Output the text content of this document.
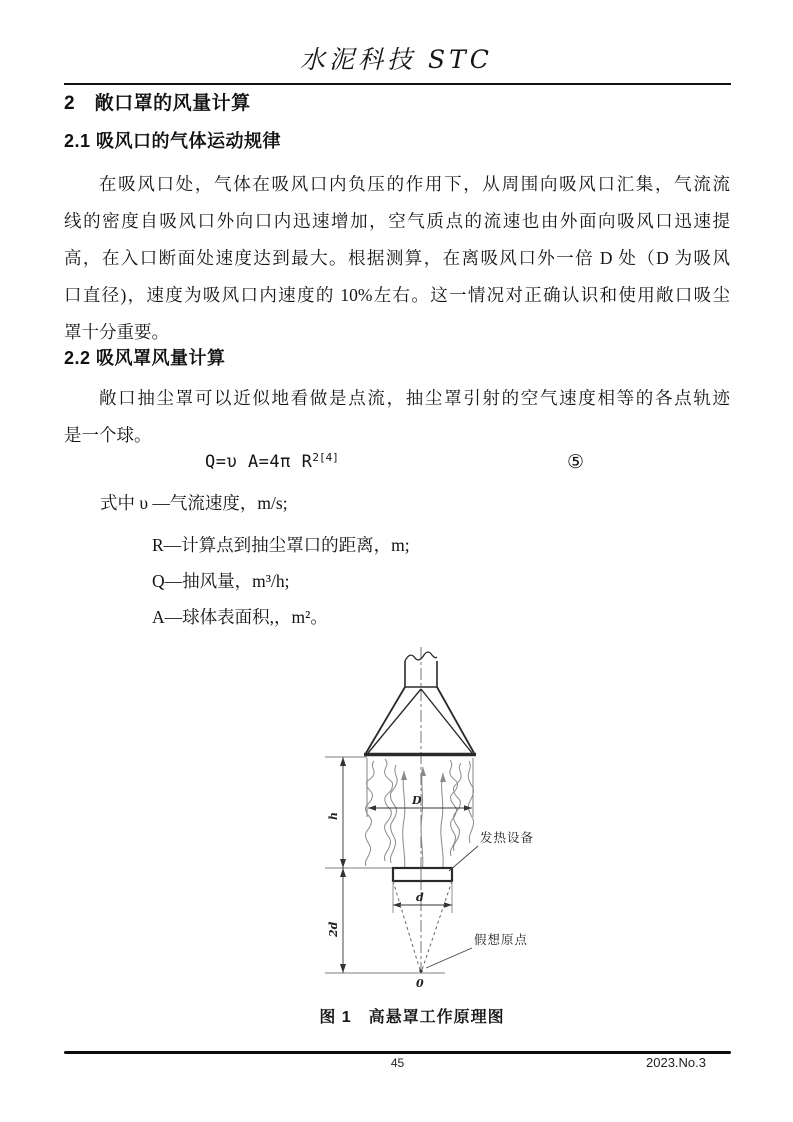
水泥科技 STC
2　敞口罩的风量计算
2.1 吸风口的气体运动规律
在吸风口处，气体在吸风口内负压的作用下，从周围向吸风口汇集，气流流
线的密度自吸风口外向口内迅速增加，空气质点的流速也由外面向吸风口迅速提
高，在入口断面处速度达到最大。根据测算，在离吸风口外一倍 D 处（D 为吸风
口直径)，速度为吸风口内速度的 10%左右。这一情况对正确认识和使用敞口吸尘
罩十分重要。
2.2 吸风罩风量计算
敞口抽尘罩可以近似地看做是点流，抽尘罩引射的空气速度相等的各点轨迹
是一个球。
Q=υ A=4π $R^{2[4]}$	⑤
式中 υ —气流速度，m/s;
R—计算点到抽尘罩口的距离，m;
Q—抽风量，m³/h;
A—球体表面积,，m²。
D
h
2d
d
0
发热设备
假想原点
图 1　高悬罩工作原理图
45	2023.No.3
